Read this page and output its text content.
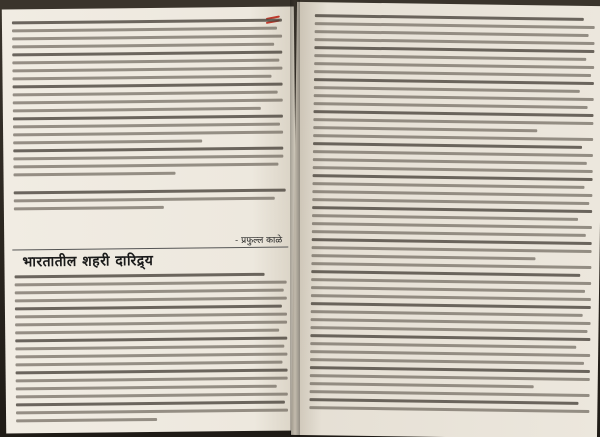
- प्रफुल्ल काळे
भारतातील शहरी दारिद्र्य
